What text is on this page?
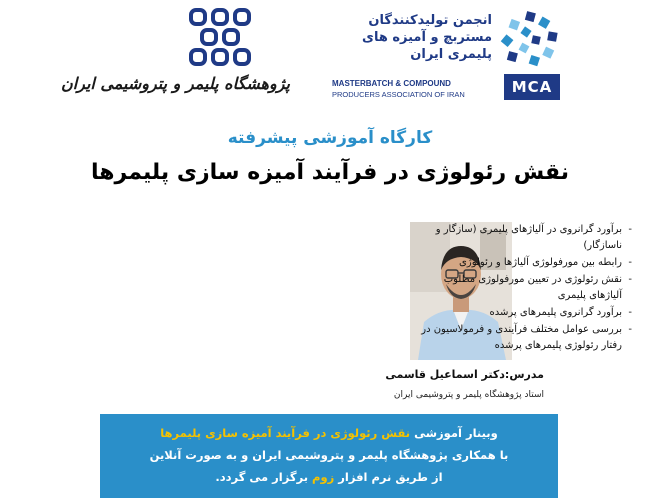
پژوهشگاه پلیمر و پتروشیمی ایران
انجمن تولیدکنندگان
مستربچ و آمیزه های
پلیمری ایران
MASTERBATCH & COMPOUND
PRODUCERS ASSOCIATION OF IRAN	MCA
کارگاه آموزشی پیشرفته
نقش رئولوژی در فرآیند آمیزه سازی پلیمرها
- برآورد گرانروی در آلیاژهای پلیمری (سازگار و ناسازگار)
- رابطه بین مورفولوژی آلیاژها و رئولوژی
- نقش رئولوژی در تعیین مورفولوژی مطلوب آلیاژهای پلیمری
- برآورد گرانروی پلیمرهای پرشده
- بررسی عوامل مختلف فرآیندی و فرمولاسیون در رفتار رئولوژی پلیمرهای پرشده
مدرس:دکتر اسماعیل قاسمی
استاد پژوهشگاه پلیمر و پتروشیمی ایران
وبینار آموزشی نقش رئولوژی در فرآیند آمیزه سازی پلیمرها
با همکاری پژوهشگاه پلیمر و پتروشیمی ایران و به صورت آنلاین
از طریق نرم افزار زوم برگزار می گردد.
